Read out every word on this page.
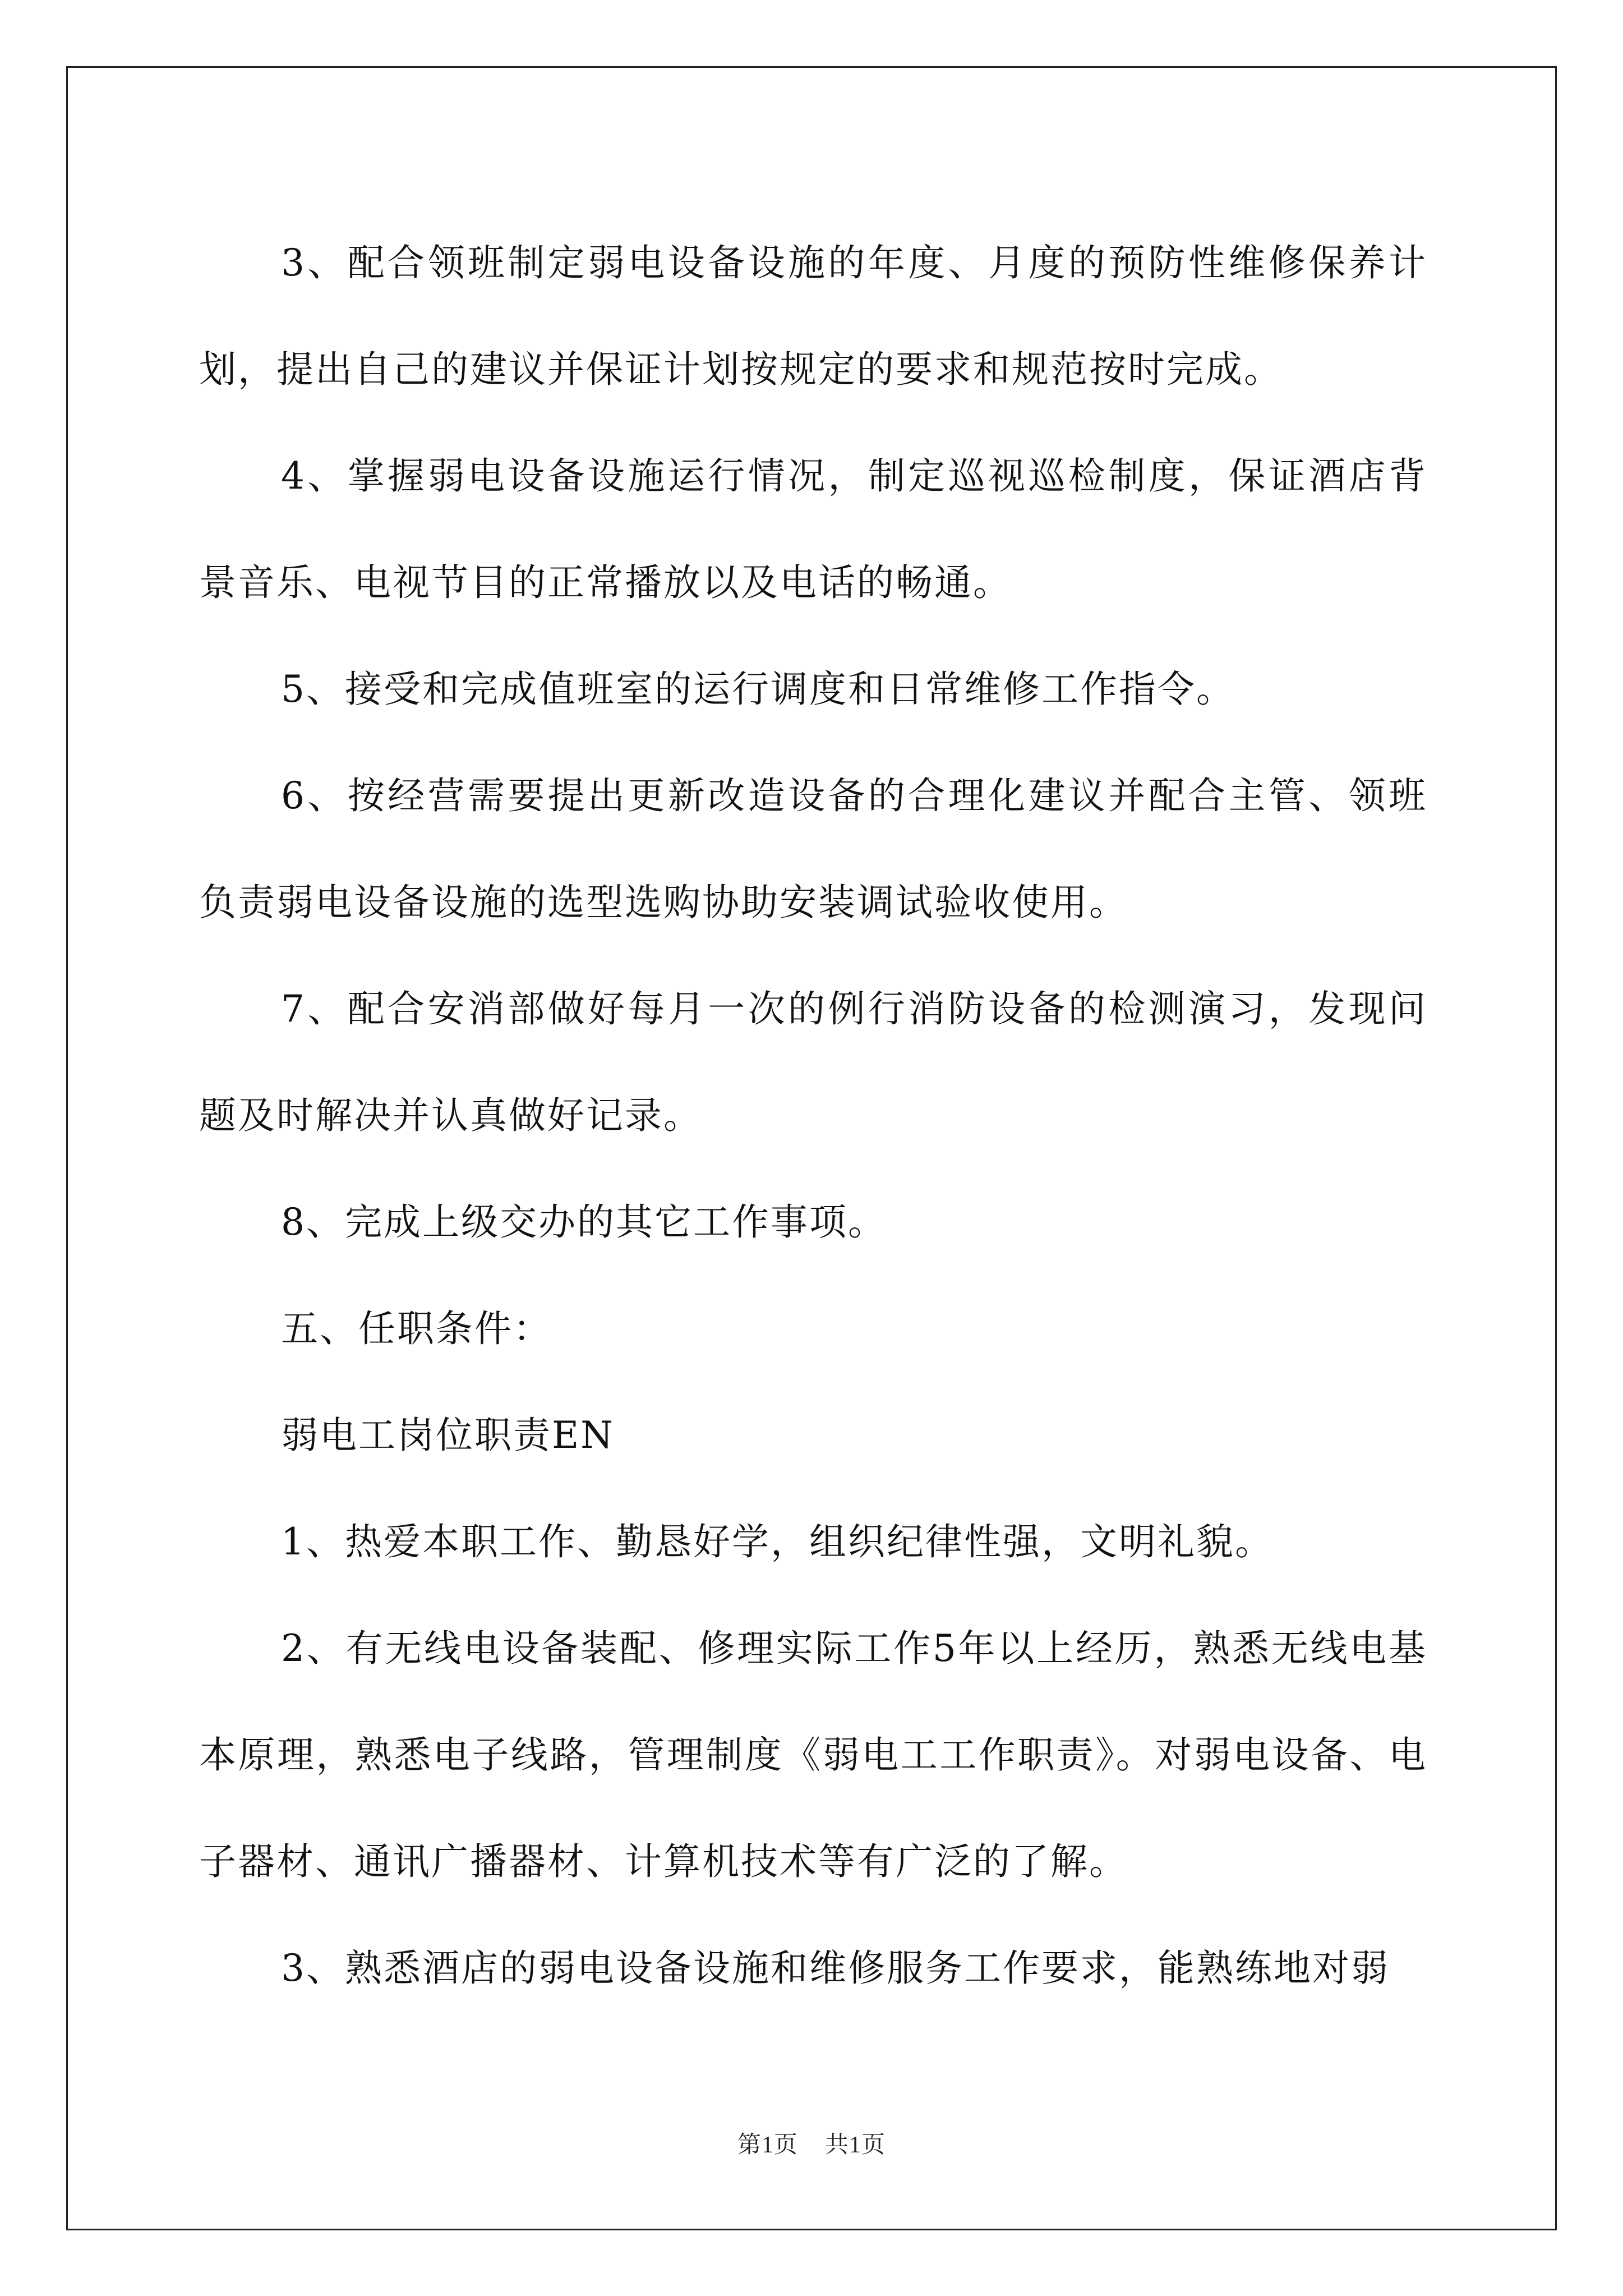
3、配合领班制定弱电设备设施的年度、月度的预防性维修保养计划，提出自己的建议并保证计划按规定的要求和规范按时完成。

4、掌握弱电设备设施运行情况，制定巡视巡检制度，保证酒店背景音乐、电视节目的正常播放以及电话的畅通。

5、接受和完成值班室的运行调度和日常维修工作指令。

6、按经营需要提出更新改造设备的合理化建议并配合主管、领班负责弱电设备设施的选型选购协助安装调试验收使用。

7、配合安消部做好每月一次的例行消防设备的检测演习，发现问题及时解决并认真做好记录。

8、完成上级交办的其它工作事项。

五、任职条件：

弱电工岗位职责EN

1、热爱本职工作、勤恳好学，组织纪律性强，文明礼貌。

2、有无线电设备装配、修理实际工作5年以上经历，熟悉无线电基本原理，熟悉电子线路，管理制度《弱电工工作职责》。对弱电设备、电子器材、通讯广播器材、计算机技术等有广泛的了解。

3、熟悉酒店的弱电设备设施和维修服务工作要求，能熟练地对弱

第1页 共1页
